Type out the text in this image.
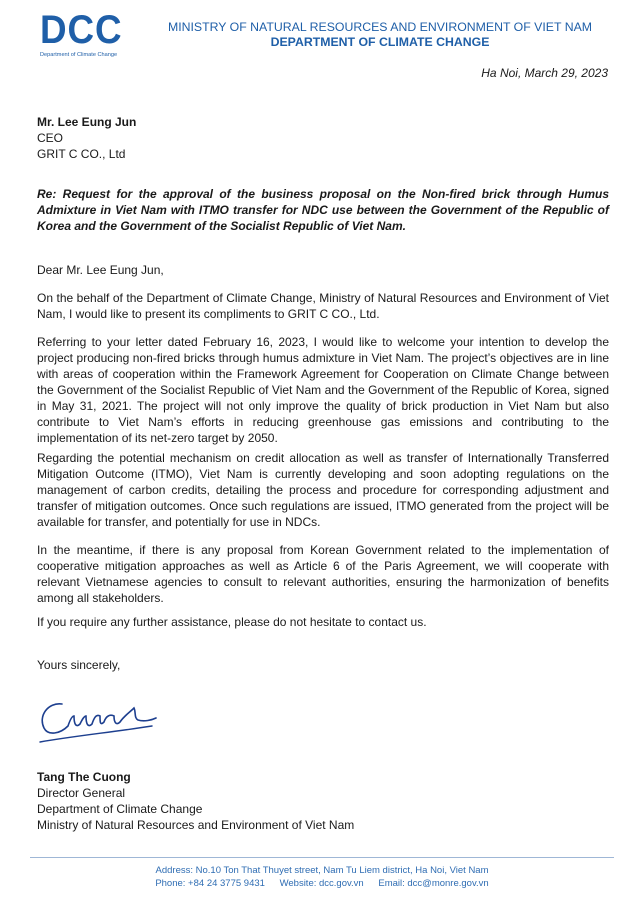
DCC
Department of Climate Change
MINISTRY OF NATURAL RESOURCES AND ENVIRONMENT OF VIET NAM
DEPARTMENT OF CLIMATE CHANGE
Ha Noi, March 29, 2023
Mr. Lee Eung Jun
CEO
GRIT C CO., Ltd
Re: Request for the approval of the business proposal on the Non-fired brick through Humus Admixture in Viet Nam with ITMO transfer for NDC use between the Government of the Republic of Korea and the Government of the Socialist Republic of Viet Nam.
Dear Mr. Lee Eung Jun,
On the behalf of the Department of Climate Change, Ministry of Natural Resources and Environment of Viet Nam, I would like to present its compliments to GRIT C CO., Ltd.
Referring to your letter dated February 16, 2023, I would like to welcome your intention to develop the project producing non-fired bricks through humus admixture in Viet Nam. The project’s objectives are in line with areas of cooperation within the Framework Agreement for Cooperation on Climate Change between the Government of the Socialist Republic of Viet Nam and the Government of the Republic of Korea, signed in May 31, 2021. The project will not only improve the quality of brick production in Viet Nam but also contribute to Viet Nam’s efforts in reducing greenhouse gas emissions and contributing to the implementation of its net-zero target by 2050.
Regarding the potential mechanism on credit allocation as well as transfer of Internationally Transferred Mitigation Outcome (ITMO), Viet Nam is currently developing and soon adopting regulations on the management of carbon credits, detailing the process and procedure for corresponding adjustment and transfer of mitigation outcomes. Once such regulations are issued, ITMO generated from the project will be available for transfer, and potentially for use in NDCs.
In the meantime, if there is any proposal from Korean Government related to the implementation of cooperative mitigation approaches as well as Article 6 of the Paris Agreement, we will cooperate with relevant Vietnamese agencies to consult to relevant authorities, ensuring the harmonization of benefits among all stakeholders.
If you require any further assistance, please do not hesitate to contact us.
Yours sincerely,
Tang The Cuong
Director General
Department of Climate Change
Ministry of Natural Resources and Environment of Viet Nam
Address: No.10 Ton That Thuyet street, Nam Tu Liem district, Ha Noi, Viet Nam
Phone: +84 24 3775 9431 Website: dcc.gov.vn Email: dcc@monre.gov.vn
